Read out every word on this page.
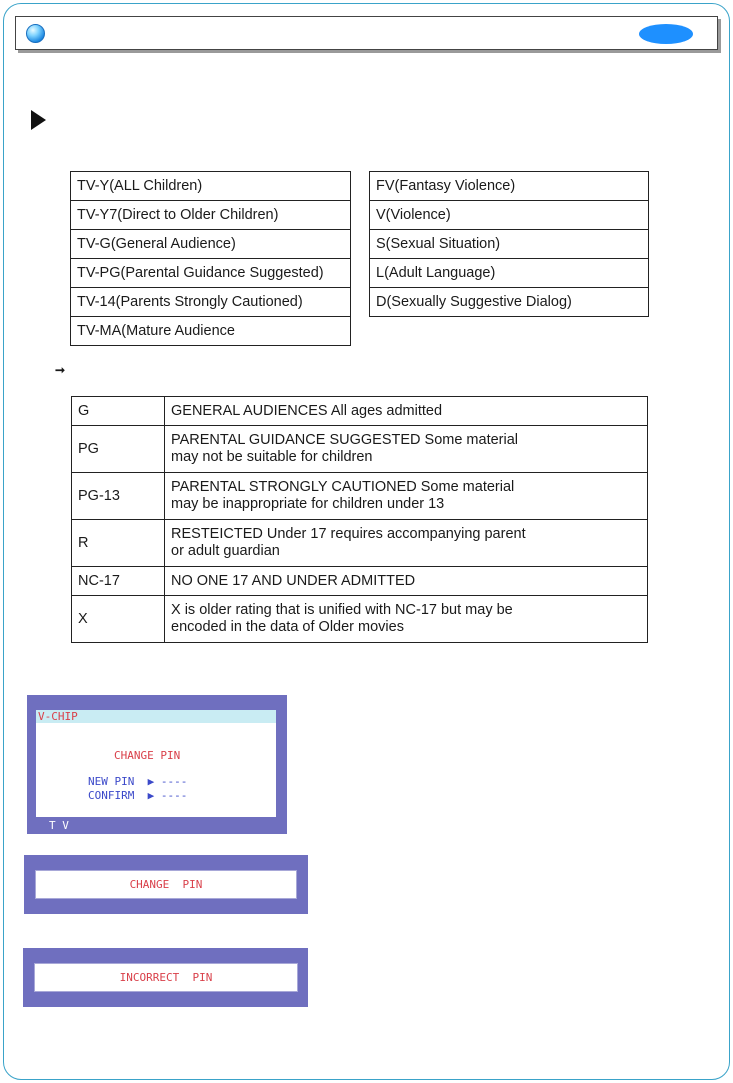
TV-Y(ALL Children)
TV-Y7(Direct to Older Children)
TV-G(General Audience)
TV-PG(Parental Guidance Suggested)
TV-14(Parents Strongly Cautioned)
TV-MA(Mature Audience
FV(Fantasy Violence)
V(Violence)
S(Sexual Situation)
L(Adult Language)
D(Sexually Suggestive Dialog)
➞
G	GENERAL AUDIENCES All ages admitted
PG	PARENTAL GUIDANCE SUGGESTED Some material
may not be suitable for children
PG-13	PARENTAL STRONGLY CAUTIONED Some material
may be inappropriate for children under 13
R	RESTEICTED Under 17 requires accompanying parent
or adult guardian
NC-17	NO ONE 17 AND UNDER ADMITTED
X	X is older rating that is unified with NC-17 but may be
encoded in the data of Older movies
V-CHIP
CHANGE PIN
NEW PIN  ▶ ----
CONFIRM  ▶ ----
T V
CHANGE  PIN
INCORRECT  PIN
